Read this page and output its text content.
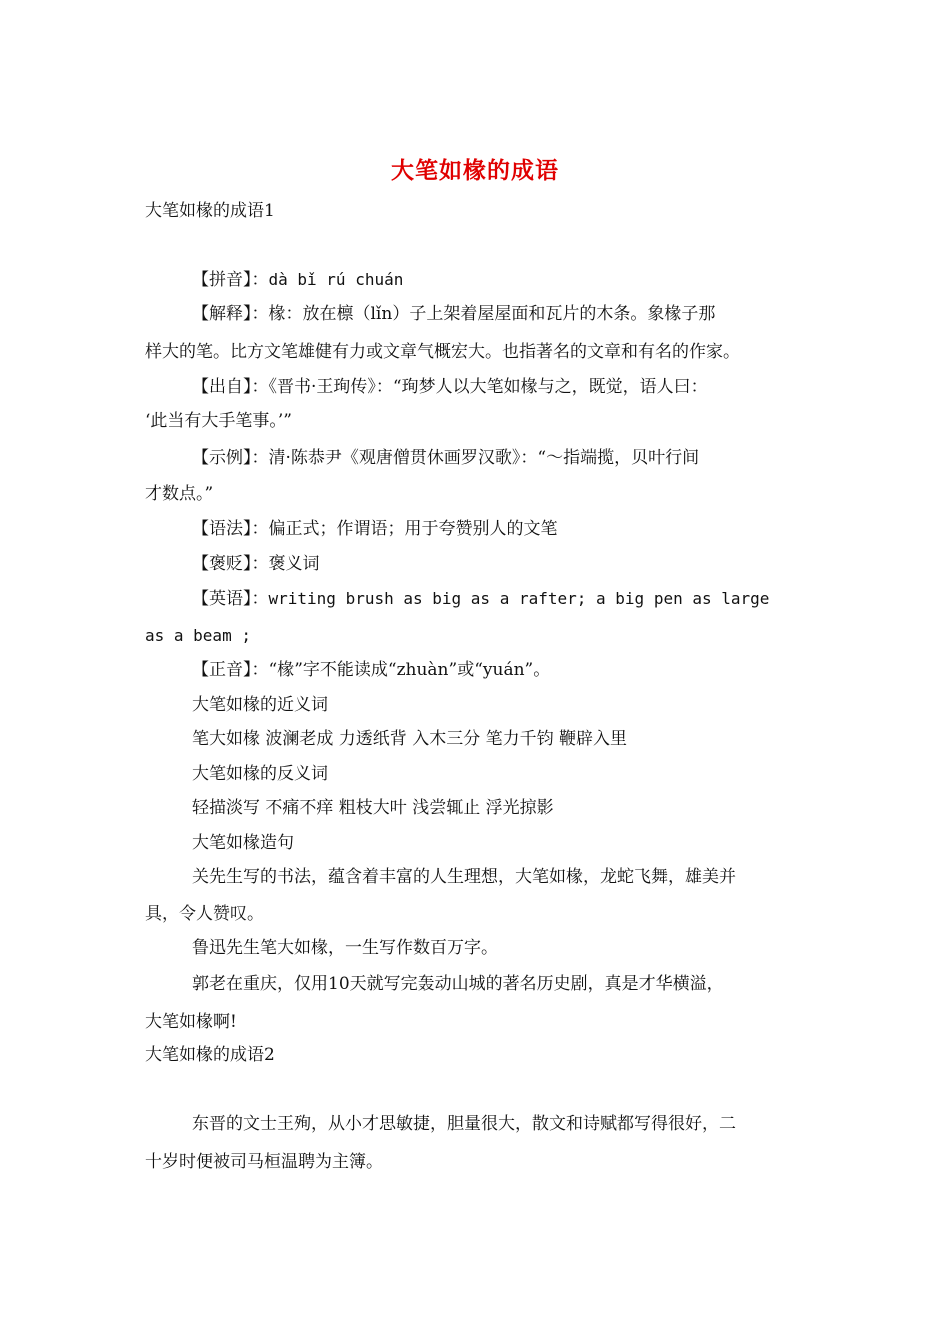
大笔如椽的成语
大笔如椽的成语1
【拼音】：dà bǐ rú chuán
【解释】：椽：放在檩（lǐn）子上架着屋屋面和瓦片的木条。象椽子那
样大的笔。比方文笔雄健有力或文章气概宏大。也指著名的文章和有名的作家。
【出自】：《晋书·王珣传》：“珣梦人以大笔如椽与之，既觉，语人曰：
‘此当有大手笔事。’”
【示例】：清·陈恭尹《观唐僧贯休画罗汉歌》：“～指端揽，贝叶行间
才数点。”
【语法】：偏正式；作谓语；用于夸赞别人的文笔
【褒贬】：褒义词
【英语】：writing brush as big as a rafter; a big pen as large
as a beam ;
【正音】：“椽”字不能读成“zhuàn”或“yuán”。
大笔如椽的近义词
笔大如椽 波澜老成 力透纸背 入木三分 笔力千钧 鞭辟入里
大笔如椽的反义词
轻描淡写 不痛不痒 粗枝大叶 浅尝辄止 浮光掠影
大笔如椽造句
关先生写的书法，蕴含着丰富的人生理想，大笔如椽，龙蛇飞舞，雄美并
具，令人赞叹。
鲁迅先生笔大如椽，一生写作数百万字。
郭老在重庆，仅用10天就写完轰动山城的著名历史剧，真是才华横溢，
大笔如椽啊!
大笔如椽的成语2
东晋的文士王殉，从小才思敏捷，胆量很大，散文和诗赋都写得很好，二
十岁时便被司马桓温聘为主簿。
